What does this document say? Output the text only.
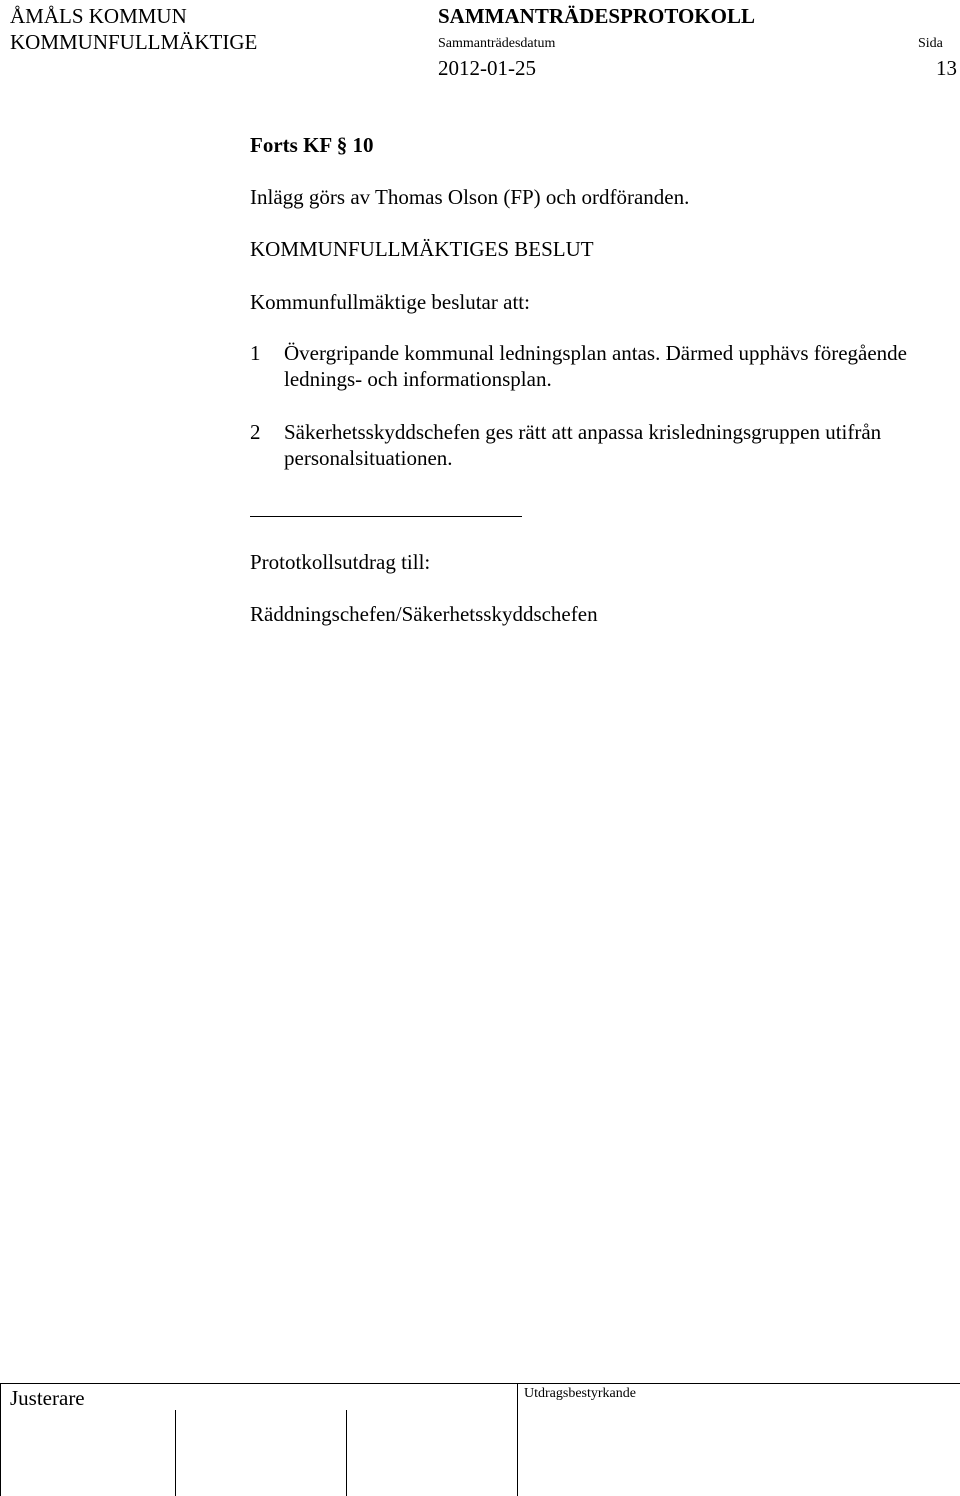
ÅMÅLS KOMMUN
KOMMUNFULLMÄKTIGE
SAMMANTRÄDESPROTOKOLL
Sammanträdesdatum	Sida
2012-01-25	13
Forts KF § 10
Inlägg görs av Thomas Olson (FP) och ordföranden.
KOMMUNFULLMÄKTIGES BESLUT
Kommunfullmäktige beslutar att:
1 Övergripande kommunal ledningsplan antas. Därmed upphävs föregående lednings- och informationsplan.
2 Säkerhetsskyddschefen ges rätt att anpassa krisledningsgruppen utifrån personalsituationen.
Prototkollsutdrag till:
Räddningschefen/Säkerhetsskyddschefen
Justerare	Utdragsbestyrkande
